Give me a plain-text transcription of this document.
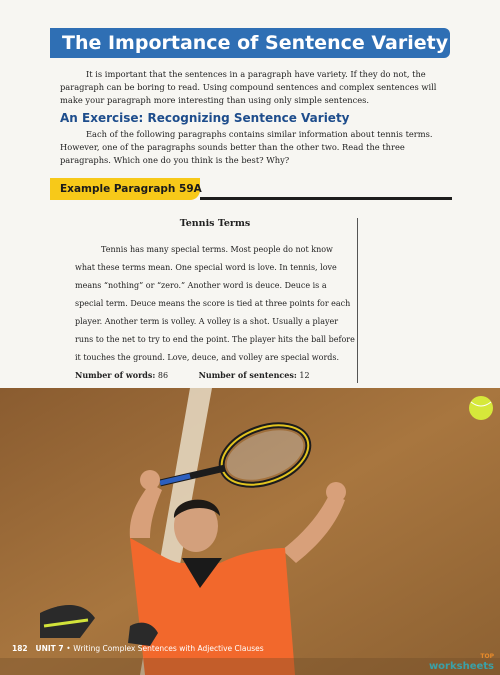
The Importance of Sentence Variety

It is important that the sentences in a paragraph have variety. If they do not, the paragraph can be boring to read. Using compound sentences and complex sentences will make your paragraph more interesting than using only simple sentences.

An Exercise: Recognizing Sentence Variety

Each of the following paragraphs contains similar information about tennis terms. However, one of the paragraphs sounds better than the other two. Read the three paragraphs. Which one do you think is the best? Why?

Example Paragraph 59A
Tennis Terms

Tennis has many special terms. Most people do not know what these terms mean. One special word is love. In tennis, love means “nothing” or “zero.” Another word is deuce. Deuce is a special term. Deuce means the score is tied at three points for each player. Another term is volley. A volley is a shot. Usually a player runs to the net to try to end the point. The player hits the ball before it touches the ground. Love, deuce, and volley are special words.

Number of words: 86	Number of sentences: 12
182 UNIT 7 • Writing Complex Sentences with Adjective Clauses
TOP
worksheets
